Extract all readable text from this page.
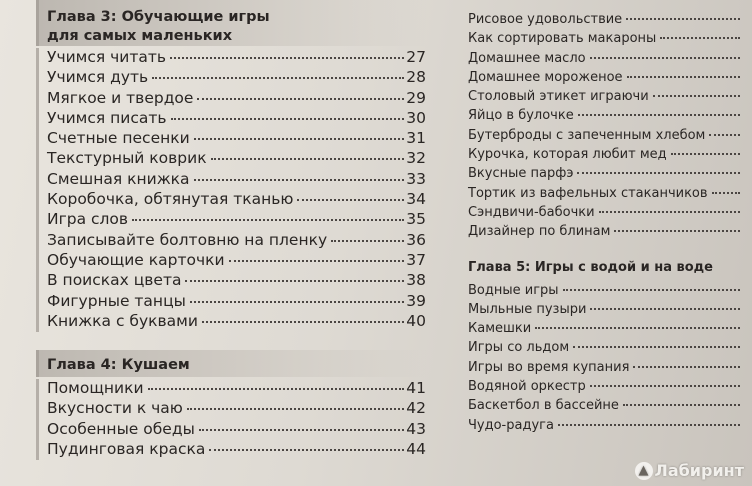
Глава 3: Обучающие игры
для самых маленьких
Учимся читать	27
Учимся дуть	28
Мягкое и твердое	29
Учимся писать	30
Счетные песенки	31
Текстурный коврик	32
Смешная книжка	33
Коробочка, обтянутая тканью	34
Игра слов	35
Записывайте болтовню на пленку	36
Обучающие карточки	37
В поисках цвета	38
Фигурные танцы	39
Книжка с буквами	40
Глава 4: Кушаем
Помощники	41
Вкусности к чаю	42
Особенные обеды	43
Пудинговая краска	44
Рисовое удовольствие
Как сортировать макароны
Домашнее масло
Домашнее мороженое
Столовый этикет играючи
Яйцо в булочке
Бутерброды с запеченным хлебом
Курочка, которая любит мед
Вкусные парфэ
Тортик из вафельных стаканчиков
Сэндвичи-бабочки
Дизайнер по блинам
Глава 5: Игры с водой и на воде
Водные игры
Мыльные пузыри
Камешки
Игры со льдом
Игры во время купания
Водяной оркестр
Баскетбол в бассейне
Чудо-радуга
▲ Лабиринт
